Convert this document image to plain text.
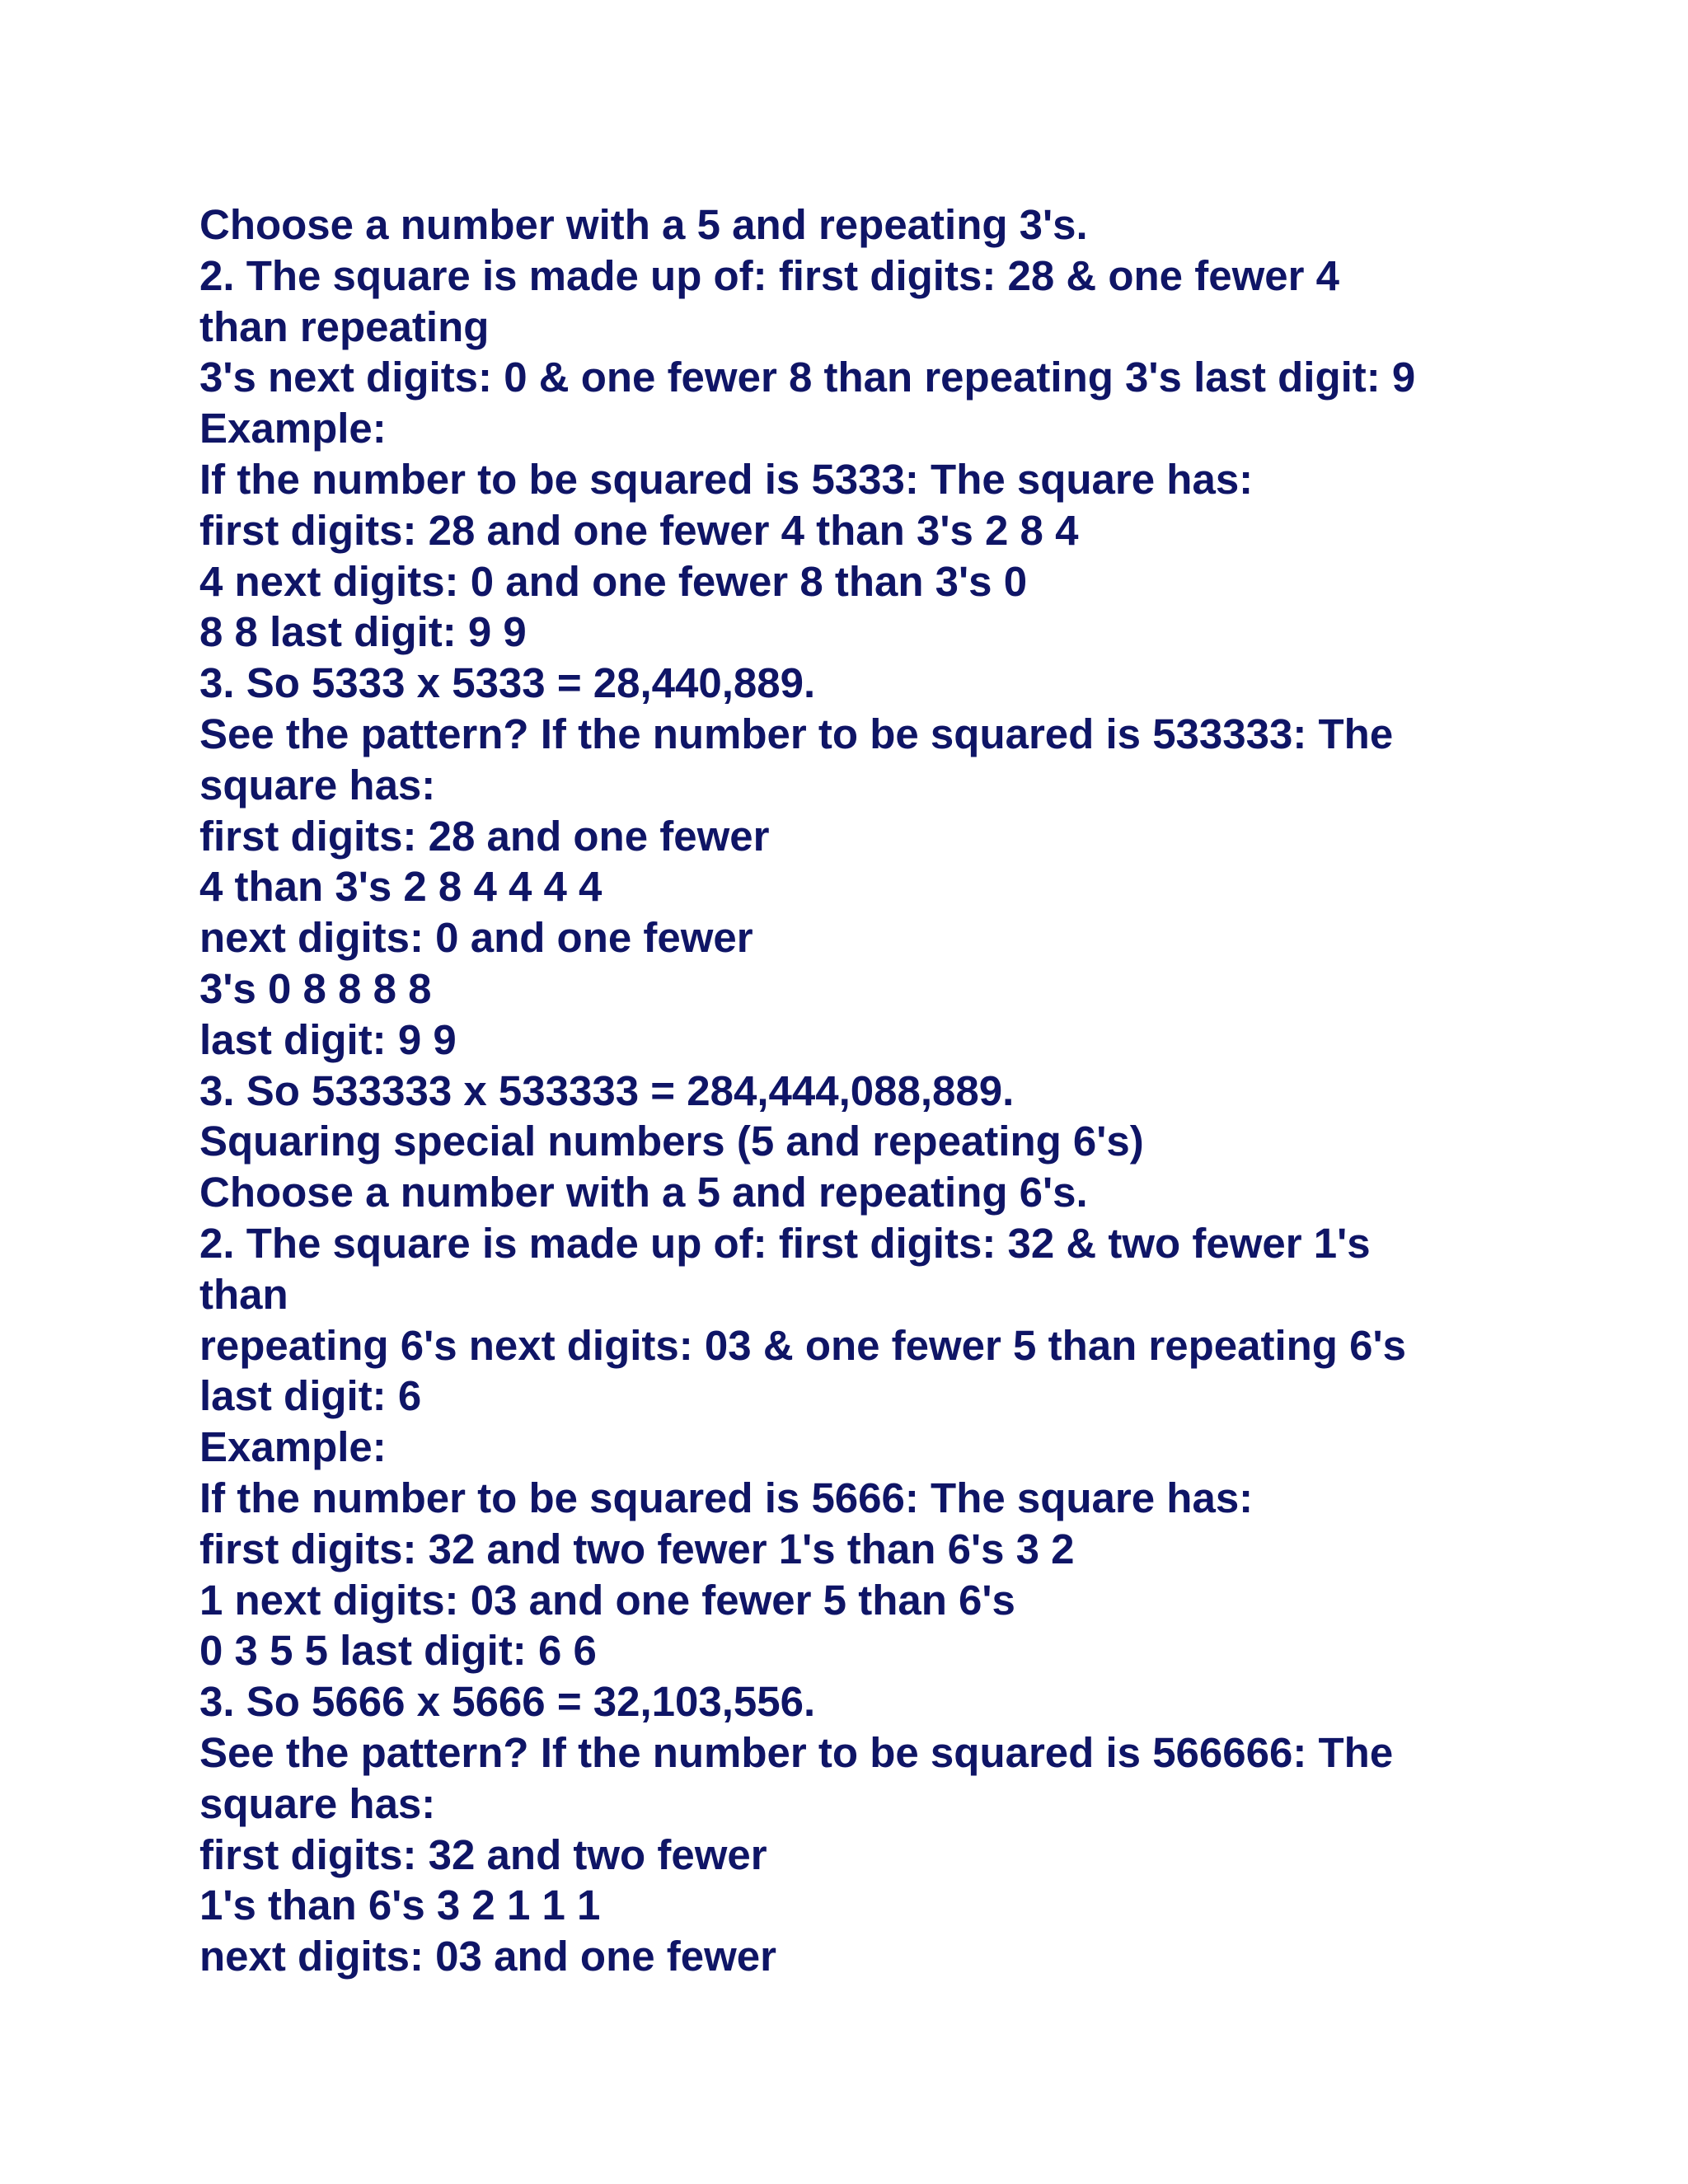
Choose a number with a 5 and repeating 3's.
2. The square is made up of: first digits: 28 & one fewer 4
than repeating
3's next digits: 0 & one fewer 8 than repeating 3's last digit: 9
Example:
If the number to be squared is 5333: The square has:
first digits: 28 and one fewer 4 than 3's 2 8 4
4 next digits: 0 and one fewer 8 than 3's 0
8 8 last digit: 9 9
3. So 5333 x 5333 = 28,440,889.
See the pattern? If the number to be squared is 533333: The
square has:
first digits: 28 and one fewer
4 than 3's 2 8 4 4 4 4
next digits: 0 and one fewer
3's 0 8 8 8 8
last digit: 9 9
3. So 533333 x 533333 = 284,444,088,889.
Squaring special numbers (5 and repeating 6's)
Choose a number with a 5 and repeating 6's.
2. The square is made up of: first digits: 32 & two fewer 1's
than
repeating 6's next digits: 03 & one fewer 5 than repeating 6's
last digit: 6
Example:
If the number to be squared is 5666: The square has:
first digits: 32 and two fewer 1's than 6's 3 2
1 next digits: 03 and one fewer 5 than 6's
0 3 5 5 last digit: 6 6
3. So 5666 x 5666 = 32,103,556.
See the pattern? If the number to be squared is 566666: The
square has:
first digits: 32 and two fewer
1's than 6's 3 2 1 1 1
next digits: 03 and one fewer
